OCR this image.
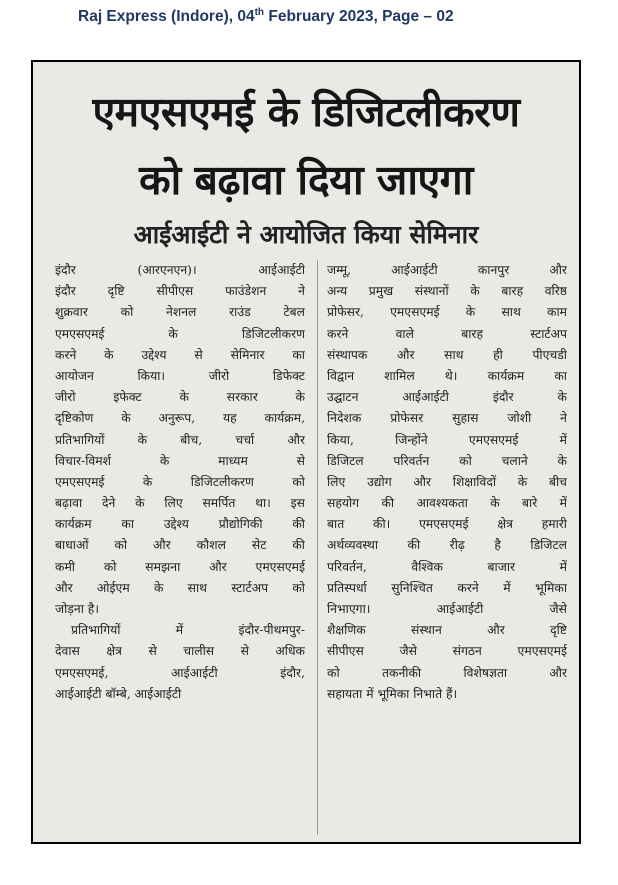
Raj Express (Indore), 04th February 2023, Page – 02
एमएसएमई के डिजिटलीकरण
को बढ़ावा दिया जाएगा
आईआईटी ने आयोजित किया सेमिनार
इंदौर (आरएनएन)। आईआईटी
इंदौर दृष्टि सीपीएस फाउंडेशन ने
शुक्रवार को नेशनल राउंड टेबल
एमएसएमई के डिजिटलीकरण
करने के उद्देश्य से सेमिनार का
आयोजन किया। जीरो डिफेक्ट
जीरो इफेक्ट के सरकार के
दृष्टिकोण के अनुरूप, यह कार्यक्रम,
प्रतिभागियों के बीच, चर्चा और
विचार-विमर्श के माध्यम से
एमएसएमई के डिजिटलीकरण को
बढ़ावा देने के लिए समर्पित था। इस
कार्यक्रम का उद्देश्य प्रौद्योगिकी की
बाधाओं को और कौशल सेट की
कमी को समझना और एमएसएमई
और ओईएम के साथ स्टार्टअप को
जोड़ना है।
प्रतिभागियों में इंदौर-पीथमपुर-
देवास क्षेत्र से चालीस से अधिक
एमएसएमई, आईआईटी इंदौर,
आईआईटी बॉम्बे, आईआईटी
जम्मू, आईआईटी कानपुर और
अन्य प्रमुख संस्थानों के बारह वरिष्ठ
प्रोफेसर, एमएसएमई के साथ काम
करने वाले बारह स्टार्टअप
संस्थापक और साथ ही पीएचडी
विद्वान शामिल थे। कार्यक्रम का
उद्घाटन आईआईटी इंदौर के
निदेशक प्रोफेसर सुहास जोशी ने
किया, जिन्होंने एमएसएमई में
डिजिटल परिवर्तन को चलाने के
लिए उद्योग और शिक्षाविदों के बीच
सहयोग की आवश्यकता के बारे में
बात की। एमएसएमई क्षेत्र हमारी
अर्थव्यवस्था की रीढ़ है डिजिटल
परिवर्तन, वैश्विक बाजार में
प्रतिस्पर्धा सुनिश्चित करने में भूमिका
निभाएगा। आईआईटी जैसे
शैक्षणिक संस्थान और दृष्टि
सीपीएस जैसे संगठन एमएसएमई
को तकनीकी विशेषज्ञता और
सहायता में भूमिका निभाते हैं।
